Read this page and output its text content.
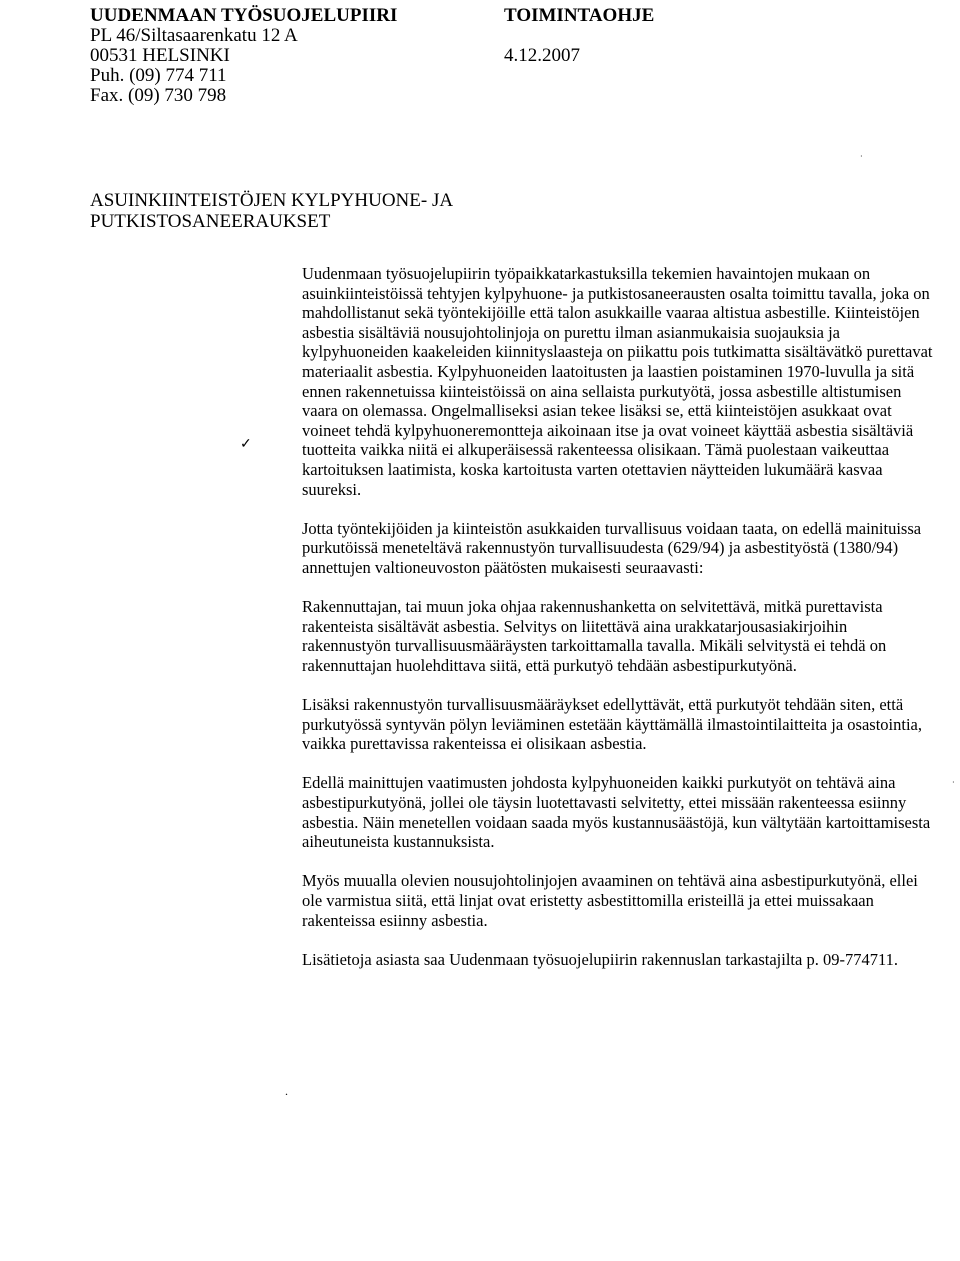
UUDENMAAN TYÖSUOJELUPIIRI
PL 46/Siltasaarenkatu 12 A
00531 HELSINKI
Puh. (09) 774 711
Fax. (09) 730 798
TOIMINTAOHJE
4.12.2007
ASUINKIINTEISTÖJEN KYLPYHUONE- JA
PUTKISTOSANEERAUKSET
✓
·
·
.

Uudenmaan työsuojelupiirin työpaikkatarkastuksilla tekemien havaintojen mukaan on asuinkiinteistöissä tehtyjen kylpyhuone- ja putkistosaneerausten osalta toimittu tavalla, joka on mahdollistanut sekä työntekijöille että talon asukkaille vaaraa altistua asbestille. Kiinteistöjen asbestia sisältäviä nousujohtolinjoja on purettu ilman asianmukaisia suojauksia ja kylpyhuoneiden kaakeleiden kiinnityslaasteja on piikattu pois tutkimatta sisältävätkö purettavat materiaalit asbestia. Kylpyhuoneiden laatoitusten ja laastien poistaminen 1970-luvulla ja sitä ennen rakennetuissa kiinteistöissä on aina sellaista purkutyötä, jossa asbestille altistumisen vaara on olemassa. Ongelmalliseksi asian tekee lisäksi se, että kiinteistöjen asukkaat ovat voineet tehdä kylpyhuoneremontteja aikoinaan itse ja ovat voineet käyttää asbestia sisältäviä tuotteita vaikka niitä ei alkuperäisessä rakenteessa olisikaan. Tämä puolestaan vaikeuttaa kartoituksen laatimista, koska kartoitusta varten otettavien näytteiden lukumäärä kasvaa suureksi.

Jotta työntekijöiden ja kiinteistön asukkaiden turvallisuus voidaan taata, on edellä mainituissa purkutöissä meneteltävä rakennustyön turvallisuudesta (629/94) ja asbestityöstä (1380/94) annettujen valtioneuvoston päätösten mukaisesti seuraavasti:

Rakennuttajan, tai muun joka ohjaa rakennushanketta on selvitettävä, mitkä purettavista rakenteista sisältävät asbestia. Selvitys on liitettävä aina urakkatarjousasiakirjoihin rakennustyön turvallisuusmääräysten tarkoittamalla tavalla. Mikäli selvitystä ei tehdä on rakennuttajan huolehdittava siitä, että purkutyö tehdään asbestipurkutyönä.

Lisäksi rakennustyön turvallisuusmääräykset edellyttävät, että purkutyöt tehdään siten, että purkutyössä syntyvän pölyn leviäminen estetään käyttämällä ilmastointilaitteita ja osastointia, vaikka purettavissa rakenteissa ei olisikaan asbestia.

Edellä mainittujen vaatimusten johdosta kylpyhuoneiden kaikki purkutyöt on tehtävä aina asbestipurkutyönä, jollei ole täysin luotettavasti selvitetty, ettei missään rakenteessa esiinny asbestia. Näin menetellen voidaan saada myös kustannusäästöjä, kun vältytään kartoittamisesta aiheutuneista kustannuksista.

Myös muualla olevien nousujohtolinjojen avaaminen on tehtävä aina asbestipurkutyönä, ellei ole varmistua siitä, että linjat ovat eristetty asbestittomilla eristeillä ja ettei muissakaan rakenteissa esiinny asbestia.

Lisätietoja asiasta saa Uudenmaan työsuojelupiirin rakennuslan tarkastajilta p. 09-774711.
